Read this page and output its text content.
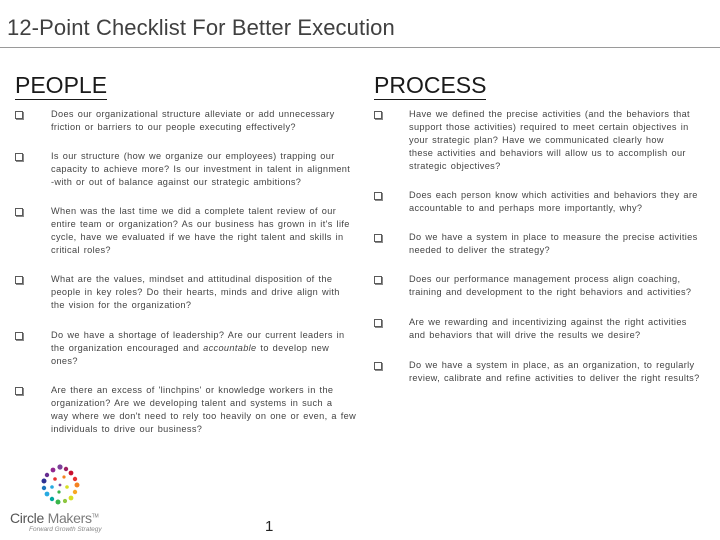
12-Point Checklist For Better Execution
PEOPLE	PROCESS
Does our organizational structure alleviate or add unnecessary
friction or barriers to our people executing effectively?
Is our structure (how we organize our employees) trapping our
capacity to achieve more? Is our investment in talent in alignment
-with or out of balance against our strategic ambitions?
When was the last time we did a complete talent review of our
entire team or organization? As our business has grown in it's life
cycle, have we evaluated if we have the right talent and skills in
critical roles?
What are the values, mindset and attitudinal disposition of the
people in key roles? Do their hearts, minds and drive align with
the vision for the organization?
Do we have a shortage of leadership? Are our current leaders in
the organization encouraged and accountable to develop new
ones?
Are there an excess of 'linchpins' or knowledge workers in the
organization? Are we developing talent and systems in such a
way where we don't need to rely too heavily on one or even, a few
individuals to drive our business?
Have we defined the precise activities (and the behaviors that
support those activities) required to meet certain objectives in
your strategic plan? Have we communicated clearly how
these activities and behaviors will allow us to accomplish our
strategic objectives?
Does each person know which activities and behaviors they are
accountable to and perhaps more importantly, why?
Do we have a system in place to measure the precise activities
needed to deliver the strategy?
Does our performance management process align coaching,
training and development to the right behaviors and activities?
Are we rewarding and incentivizing against the right activities
and behaviors that will drive the results we desire?
Do we have a system in place, as an organization, to regularly
review, calibrate and refine activities to deliver the right results?
Circle Makers™
Forward Growth Strategy	1
